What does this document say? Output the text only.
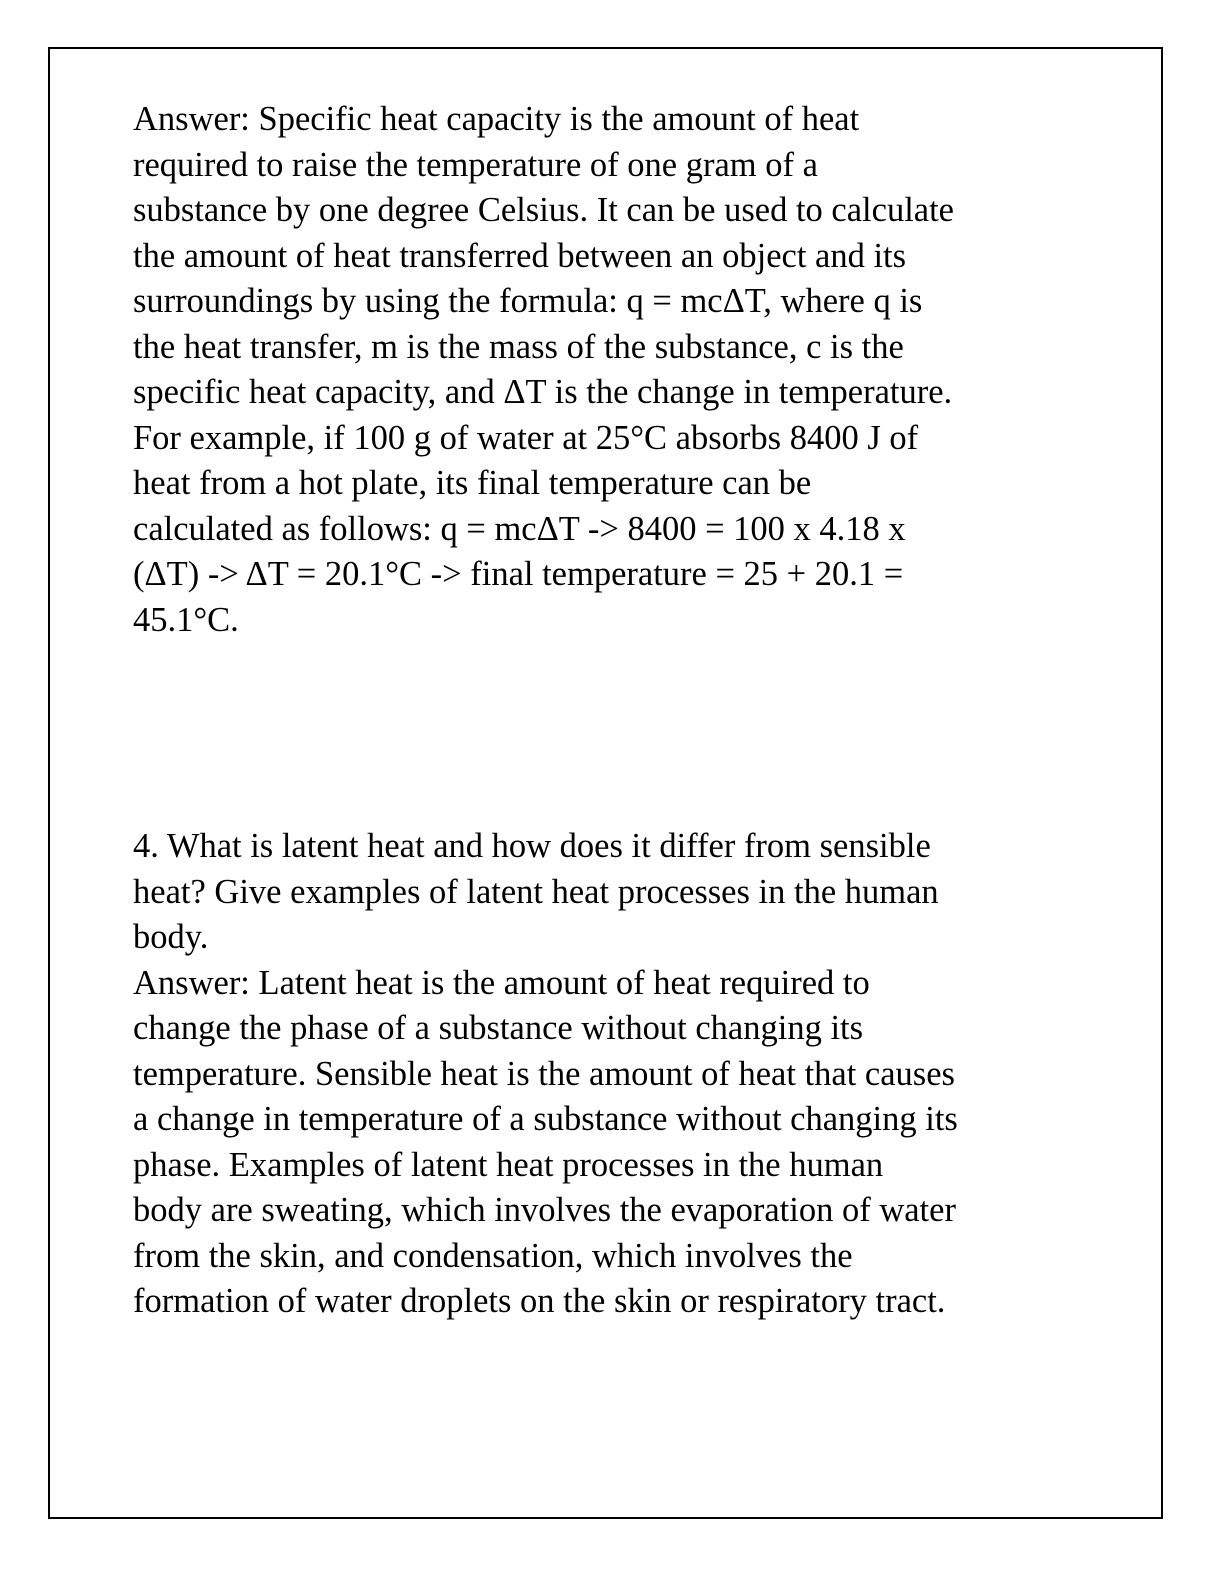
Answer: Specific heat capacity is the amount of heat
required to raise the temperature of one gram of a
substance by one degree Celsius. It can be used to calculate
the amount of heat transferred between an object and its
surroundings by using the formula: q = mcΔT, where q is
the heat transfer, m is the mass of the substance, c is the
specific heat capacity, and ΔT is the change in temperature.
For example, if 100 g of water at 25°C absorbs 8400 J of
heat from a hot plate, its final temperature can be
calculated as follows: q = mcΔT -> 8400 = 100 x 4.18 x
(ΔT) -> ΔT = 20.1°C -> final temperature = 25 + 20.1 =
45.1°C.
4. What is latent heat and how does it differ from sensible
heat? Give examples of latent heat processes in the human
body.
Answer: Latent heat is the amount of heat required to
change the phase of a substance without changing its
temperature. Sensible heat is the amount of heat that causes
a change in temperature of a substance without changing its
phase. Examples of latent heat processes in the human
body are sweating, which involves the evaporation of water
from the skin, and condensation, which involves the
formation of water droplets on the skin or respiratory tract.
